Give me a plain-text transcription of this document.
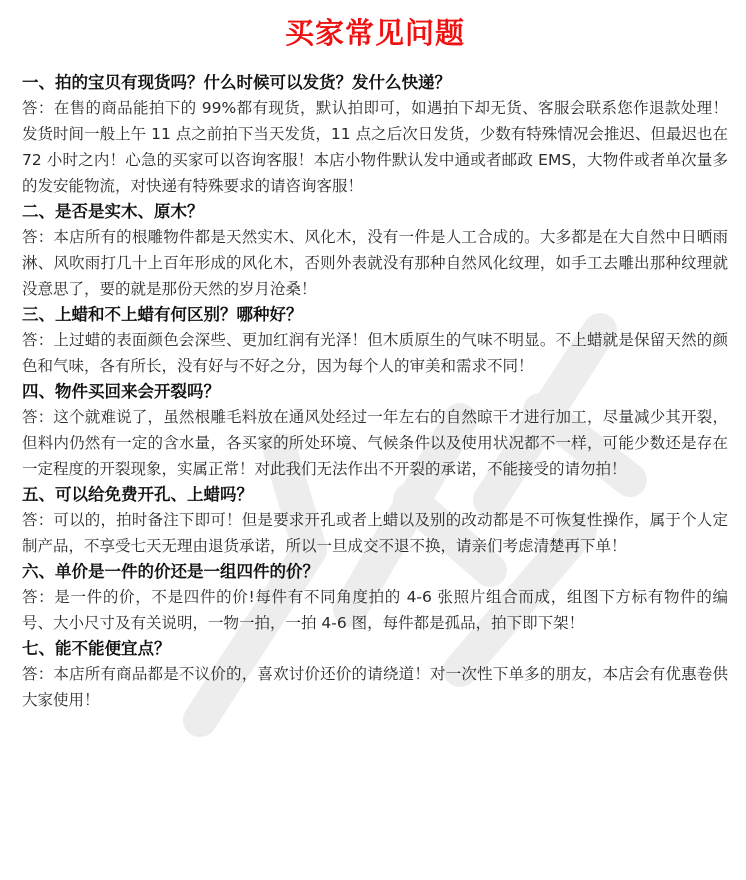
买家常见问题
一、拍的宝贝有现货吗？什么时候可以发货？发什么快递？
答：在售的商品能拍下的 99%都有现货，默认拍即可，如遇拍下却无货、客服会联系您作退款处理！ 发货时间一般上午 11 点之前拍下当天发货，11 点之后次日发货，少数有特殊情况会推迟、但最迟也在 72 小时之内！心急的买家可以咨询客服！本店小物件默认发中通或者邮政 EMS，大物件或者单次量多的发安能物流，对快递有特殊要求的请咨询客服！
二、是否是实木、原木？
答：本店所有的根雕物件都是天然实木、风化木，没有一件是人工合成的。大多都是在大自然中日晒雨淋、风吹雨打几十上百年形成的风化木，否则外表就没有那种自然风化纹理，如手工去雕出那种纹理就没意思了，要的就是那份天然的岁月沧桑！
三、上蜡和不上蜡有何区别？哪种好？
答：上过蜡的表面颜色会深些、更加红润有光泽！但木质原生的气味不明显。不上蜡就是保留天然的颜色和气味，各有所长，没有好与不好之分，因为每个人的审美和需求不同！
四、物件买回来会开裂吗？
答：这个就难说了，虽然根雕毛料放在通风处经过一年左右的自然晾干才进行加工，尽量减少其开裂，但料内仍然有一定的含水量，各买家的所处环境、气候条件以及使用状况都不一样，可能少数还是存在一定程度的开裂现象，实属正常！对此我们无法作出不开裂的承诺，不能接受的请勿拍！
五、可以给免费开孔、上蜡吗？
答：可以的，拍时备注下即可！但是要求开孔或者上蜡以及别的改动都是不可恢复性操作，属于个人定制产品，不享受七天无理由退货承诺，所以一旦成交不退不换，请亲们考虑清楚再下单！
六、单价是一件的价还是一组四件的价？
答：是一件的价，不是四件的价!每件有不同角度拍的 4-6 张照片组合而成，组图下方标有物件的编号、大小尺寸及有关说明，一物一拍，一拍 4-6 图，每件都是孤品，拍下即下架！
七、能不能便宜点？
答：本店所有商品都是不议价的，喜欢讨价还价的请绕道！对一次性下单多的朋友，本店会有优惠卷供大家使用！
